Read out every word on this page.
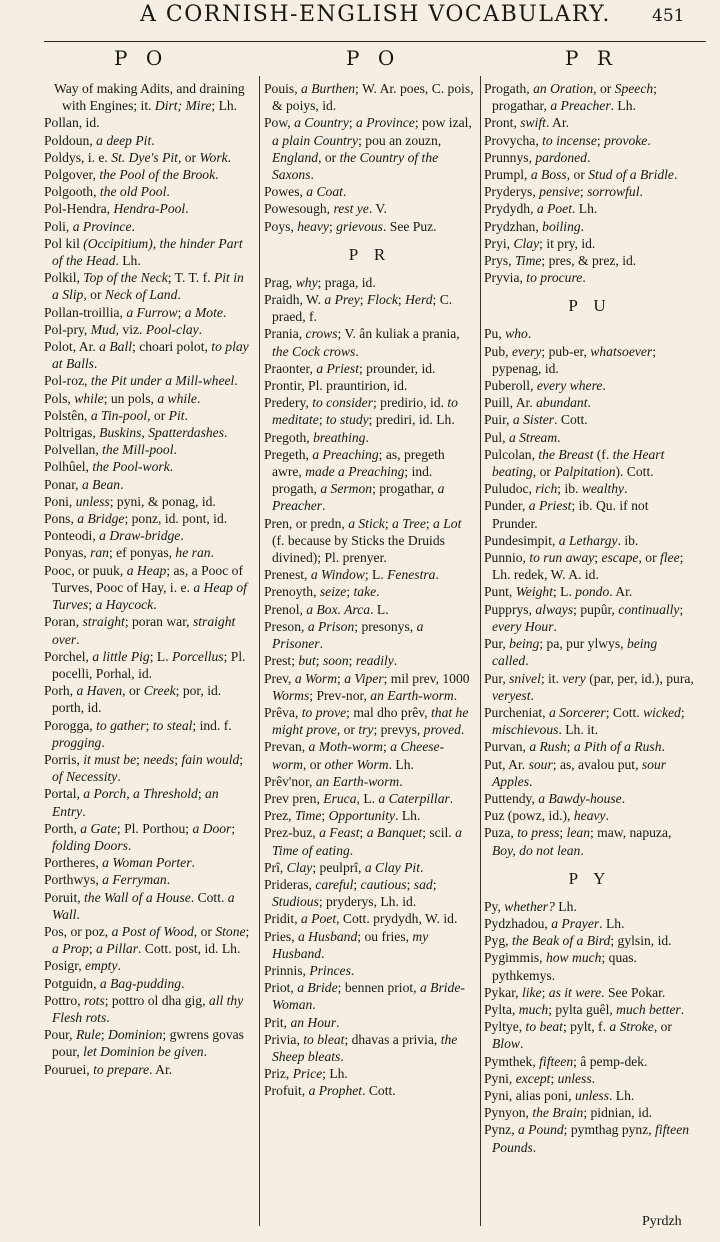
A CORNISH-ENGLISH VOCABULARY. 451
P O	P O	P R
Way of making Adits, and draining with Engines; it. Dirt; Mire; Lh.
Pollan, id.
Poldoun, a deep Pit.
Poldys, i. e. St. Dye's Pit, or Work.
Polgover, the Pool of the Brook.
Polgooth, the old Pool.
Pol-Hendra, Hendra-Pool.
Poli, a Province.
Pol kil (Occipitium), the hinder Part of the Head. Lh.
Polkil, Top of the Neck; T. T. f. Pit in a Slip, or Neck of Land.
Pollan-troillia, a Furrow; a Mote.
Pol-pry, Mud, viz. Pool-clay.
Polot, Ar. a Ball; choari polot, to play at Balls.
Pol-roz, the Pit under a Mill-wheel.
Pols, while; un pols, a while.
Polstên, a Tin-pool, or Pit.
Poltrigas, Buskins, Spatterdashes.
Polvellan, the Mill-pool.
Polhûel, the Pool-work.
Ponar, a Bean.
Poni, unless; pyni, & ponag, id.
Pons, a Bridge; ponz, id. pont, id.
Ponteodi, a Draw-bridge.
Ponyas, ran; ef ponyas, he ran.
Pooc, or puuk, a Heap; as, a Pooc of Turves, Pooc of Hay, i. e. a Heap of Turves; a Haycock.
Poran, straight; poran war, straight over.
Porchel, a little Pig; L. Porcellus; Pl. pocelli, Porhal, id.
Porh, a Haven, or Creek; por, id. porth, id.
Porogga, to gather; to steal; ind. f. progging.
Porris, it must be; needs; fain would; of Necessity.
Portal, a Porch, a Threshold; an Entry.
Porth, a Gate; Pl. Porthou; a Door; folding Doors.
Portheres, a Woman Porter.
Porthwys, a Ferryman.
Poruit, the Wall of a House. Cott. a Wall.
Pos, or poz, a Post of Wood, or Stone; a Prop; a Pillar. Cott. post, id. Lh.
Posigr, empty.
Potguidn, a Bag-pudding.
Pottro, rots; pottro ol dha gig, all thy Flesh rots.
Pour, Rule; Dominion; gwrens govas pour, let Dominion be given.
Pouruei, to prepare. Ar.
Pouis, a Burthen; W. Ar. poes, C. pois, & poiys, id.
Pow, a Country; a Province; pow izal, a plain Country; pou an zouzn, England, or the Country of the Saxons.
Powes, a Coat.
Powesough, rest ye. V.
Poys, heavy; grievous. See Puz.
P R
Prag, why; praga, id.
Praidh, W. a Prey; Flock; Herd; C. praed, f.
Prania, crows; V. ân kuliak a prania, the Cock crows.
Praonter, a Priest; prounder, id.
Prontir, Pl. prauntirion, id.
Predery, to consider; predirio, id. to meditate; to study; prediri, id. Lh.
Pregoth, breathing.
Pregeth, a Preaching; as, pregeth awre, made a Preaching; ind. progath, a Sermon; progathar, a Preacher.
Pren, or predn, a Stick; a Tree; a Lot (f. because by Sticks the Druids divined); Pl. prenyer.
Prenest, a Window; L. Fenestra.
Prenoyth, seize; take.
Prenol, a Box. Arca. L.
Preson, a Prison; presonys, a Prisoner.
Prest; but; soon; readily.
Prev, a Worm; a Viper; mil prev, 1000 Worms; Prev-nor, an Earth-worm.
Prêva, to prove; mal dho prêv, that he might prove, or try; prevys, proved.
Prevan, a Moth-worm; a Cheese-worm, or other Worm. Lh.
Prêv'nor, an Earth-worm.
Prev pren, Eruca, L. a Caterpillar.
Prez, Time; Opportunity. Lh.
Prez-buz, a Feast; a Banquet; scil. a Time of eating.
Prî, Clay; peulprî, a Clay Pit.
Prideras, careful; cautious; sad; Studious; pryderys, Lh. id.
Pridit, a Poet, Cott. prydydh, W. id.
Pries, a Husband; ou fries, my Husband.
Prinnis, Princes.
Priot, a Bride; bennen priot, a Bride-Woman.
Prit, an Hour.
Privia, to bleat; dhavas a privia, the Sheep bleats.
Priz, Price; Lh.
Profuit, a Prophet. Cott.
Progath, an Oration, or Speech; progathar, a Preacher. Lh.
Pront, swift. Ar.
Provycha, to incense; provoke.
Prunnys, pardoned.
Prumpl, a Boss, or Stud of a Bridle.
Pryderys, pensive; sorrowful.
Prydydh, a Poet. Lh.
Prydzhan, boiling.
Pryi, Clay; it pry, id.
Prys, Time; pres, & prez, id.
Pryvia, to procure.
P U
Pu, who.
Pub, every; pub-er, whatsoever; pypenag, id.
Puberoll, every where.
Puill, Ar. abundant.
Puir, a Sister. Cott.
Pul, a Stream.
Pulcolan, the Breast (f. the Heart beating, or Palpitation). Cott.
Puludoc, rich; ib. wealthy.
Punder, a Priest; ib. Qu. if not Prunder.
Pundesimpit, a Lethargy. ib.
Punnio, to run away; escape, or flee; Lh. redek, W. A. id.
Punt, Weight; L. pondo. Ar.
Pupprys, always; pupûr, continually; every Hour.
Pur, being; pa, pur ylwys, being called.
Pur, snivel; it. very (par, per, id.), pura, veryest.
Purcheniat, a Sorcerer; Cott. wicked; mischievous. Lh. it.
Purvan, a Rush; a Pith of a Rush.
Put, Ar. sour; as, avalou put, sour Apples.
Puttendy, a Bawdy-house.
Puz (powz, id.), heavy.
Puza, to press; lean; maw, napuza, Boy, do not lean.
P Y
Py, whether? Lh.
Pydzhadou, a Prayer. Lh.
Pyg, the Beak of a Bird; gylsin, id.
Pygimmis, how much; quas. pythkemys.
Pykar, like; as it were. See Pokar.
Pylta, much; pylta guêl, much better.
Pyltye, to beat; pylt, f. a Stroke, or Blow.
Pymthek, fifteen; â pemp-dek.
Pyni, except; unless.
Pyni, alias poni, unless. Lh.
Pynyon, the Brain; pidnian, id.
Pynz, a Pound; pymthag pynz, fifteen Pounds.
Pyrdzh
